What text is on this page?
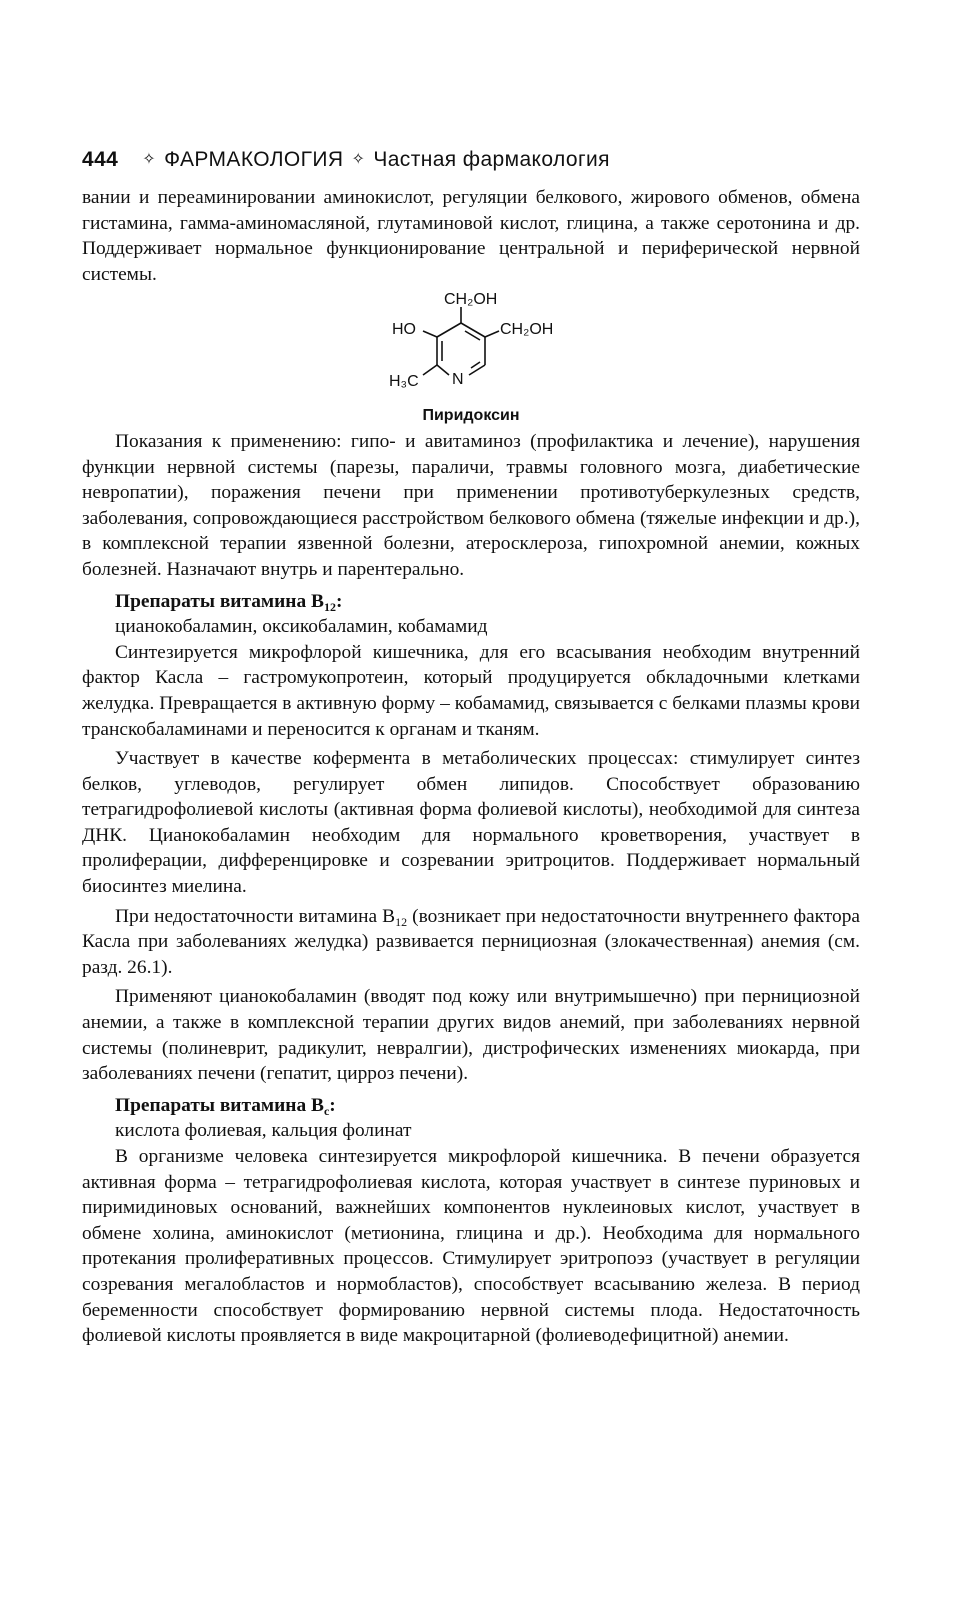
444 ✧ ФАРМАКОЛОГИЯ ✧ Частная фармакология

вании и переаминировании аминокислот, регуляции белкового, жирового обменов, обмена гистамина, гамма-аминомасляной, глутаминовой кислот, глицина, а также серотонина и др. Поддерживает нормальное функционирование центральной и периферической нервной системы.

CH₂OH
HO	CH₂OH
H₃C N

Пиридоксин

Показания к применению: гипо- и авитаминоз (профилактика и лечение), нарушения функции нервной системы (парезы, параличи, травмы головного мозга, диабетические невропатии), поражения печени при применении противотуберкулезных средств, заболевания, сопровождающиеся расстройством белкового обмена (тяжелые инфекции и др.), в комплексной терапии язвенной болезни, атеросклероза, гипохромной анемии, кожных болезней. Назначают внутрь и парентерально.

Препараты витамина $B_{12}$:

цианокобаламин, оксикобаламин, кобамамид

Синтезируется микрофлорой кишечника, для его всасывания необходим внутренний фактор Касла – гастромукопротеин, который продуцируется обкладочными клетками желудка. Превращается в активную форму – кобамамид, связывается с белками плазмы крови транскобаламинами и переносится к органам и тканям.

Участвует в качестве кофермента в метаболических процессах: стимулирует синтез белков, углеводов, регулирует обмен липидов. Способствует образованию тетрагидрофолиевой кислоты (активная форма фолиевой кислоты), необходимой для синтеза ДНК. Цианокобаламин необходим для нормального кроветворения, участвует в пролиферации, дифференцировке и созревании эритроцитов. Поддерживает нормальный биосинтез миелина.

При недостаточности витамина $B_{12}$ (возникает при недостаточности внутреннего фактора Касла при заболеваниях желудка) развивается пернициозная (злокачественная) анемия (см. разд. 26.1).

Применяют цианокобаламин (вводят под кожу или внутримышечно) при пернициозной анемии, а также в комплексной терапии других видов анемий, при заболеваниях нервной системы (полиневрит, радикулит, невралгии), дистрофических изменениях миокарда, при заболеваниях печени (гепатит, цирроз печени).

Препараты витамина $B_c$:

кислота фолиевая, кальция фолинат

В организме человека синтезируется микрофлорой кишечника. В печени образуется активная форма – тетрагидрофолиевая кислота, которая участвует в синтезе пуриновых и пиримидиновых оснований, важнейших компонентов нуклеиновых кислот, участвует в обмене холина, аминокислот (метионина, глицина и др.). Необходима для нормального протекания пролиферативных процессов. Стимулирует эритропоэз (участвует в регуляции созревания мегалобластов и нормобластов), способствует всасыванию железа. В период беременности способствует формированию нервной системы плода. Недостаточность фолиевой кислоты проявляется в виде макроцитарной (фолиеводефицитной) анемии.
